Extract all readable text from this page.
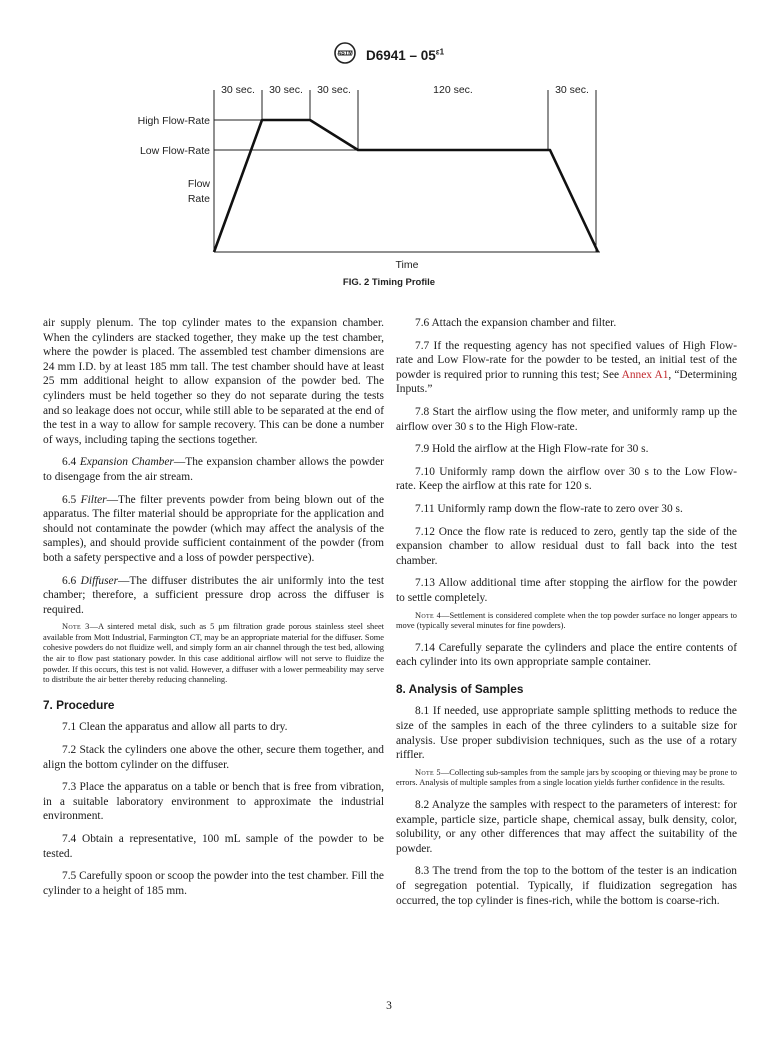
ASTM $D6941 - 05^{\varepsilon 1}$
30 sec. 30 sec. 30 sec.	120 sec.	30 sec.
High Flow-Rate
Low Flow-Rate
Flow
Rate
Time
FIG. 2 Timing Profile

air supply plenum. The top cylinder mates to the expansion chamber. When the cylinders are stacked together, they make up the test chamber, where the powder is placed. The assembled test chamber dimensions are 24 mm I.D. by at least 185 mm tall. The test chamber should have at least 25 mm additional height to allow expansion of the powder bed. The cylinders must be held together so they do not separate during the tests and so leakage does not occur, while still able to be separated at the end of the test in a way to allow for sample recovery. This can be done a number of ways, including taping the sections together.

6.4 Expansion Chamber—The expansion chamber allows the powder to disengage from the air stream.

6.5 Filter—The filter prevents powder from being blown out of the apparatus. The filter material should be appropriate for the application and should not contaminate the powder (which may affect the analysis of the samples), and should provide sufficient containment of the powder (from both a safety perspective and a loss of powder perspective).

6.6 Diffuser—The diffuser distributes the air uniformly into the test chamber; therefore, a sufficient pressure drop across the diffuser is required.

Note 3—A sintered metal disk, such as 5 μm filtration grade porous stainless steel sheet available from Mott Industrial, Farmington CT, may be an appropriate material for the diffuser. Some cohesive powders do not fluidize well, and simply form an air channel through the test bed, allowing the air to flow past stationary powder. In this case additional airflow will not serve to fluidize the powder. If this occurs, this test is not valid. However, a diffuser with a lower permeability may serve to distribute the air better thereby reducing channeling.

7. Procedure

7.1 Clean the apparatus and allow all parts to dry.

7.2 Stack the cylinders one above the other, secure them together, and align the bottom cylinder on the diffuser.

7.3 Place the apparatus on a table or bench that is free from vibration, in a suitable laboratory environment to approximate the industrial environment.

7.4 Obtain a representative, 100 mL sample of the powder to be tested.

7.5 Carefully spoon or scoop the powder into the test chamber. Fill the cylinder to a height of 185 mm.

7.6 Attach the expansion chamber and filter.

7.7 If the requesting agency has not specified values of High Flow-rate and Low Flow-rate for the powder to be tested, an initial test of the powder is required prior to running this test; See Annex A1, “Determining Inputs.”

7.8 Start the airflow using the flow meter, and uniformly ramp up the airflow over 30 s to the High Flow-rate.

7.9 Hold the airflow at the High Flow-rate for 30 s.

7.10 Uniformly ramp down the airflow over 30 s to the Low Flow-rate. Keep the airflow at this rate for 120 s.

7.11 Uniformly ramp down the flow-rate to zero over 30 s.

7.12 Once the flow rate is reduced to zero, gently tap the side of the expansion chamber to allow residual dust to fall back into the test chamber.

7.13 Allow additional time after stopping the airflow for the powder to settle completely.

Note 4—Settlement is considered complete when the top powder surface no longer appears to move (typically several minutes for fine powders).

7.14 Carefully separate the cylinders and place the entire contents of each cylinder into its own appropriate sample container.

8. Analysis of Samples

8.1 If needed, use appropriate sample splitting methods to reduce the size of the samples in each of the three cylinders to a suitable size for analysis. Use proper subdivision techniques, such as the use of a rotary riffler.

Note 5—Collecting sub-samples from the sample jars by scooping or thieving may be prone to errors. Analysis of multiple samples from a single location yields further confidence in the results.

8.2 Analyze the samples with respect to the parameters of interest: for example, particle size, particle shape, chemical assay, bulk density, color, solubility, or any other differences that may affect the suitability of the powder.

8.3 The trend from the top to the bottom of the tester is an indication of segregation potential. Typically, if fluidization segregation has occurred, the top cylinder is fines-rich, while the bottom is coarse-rich.

3
